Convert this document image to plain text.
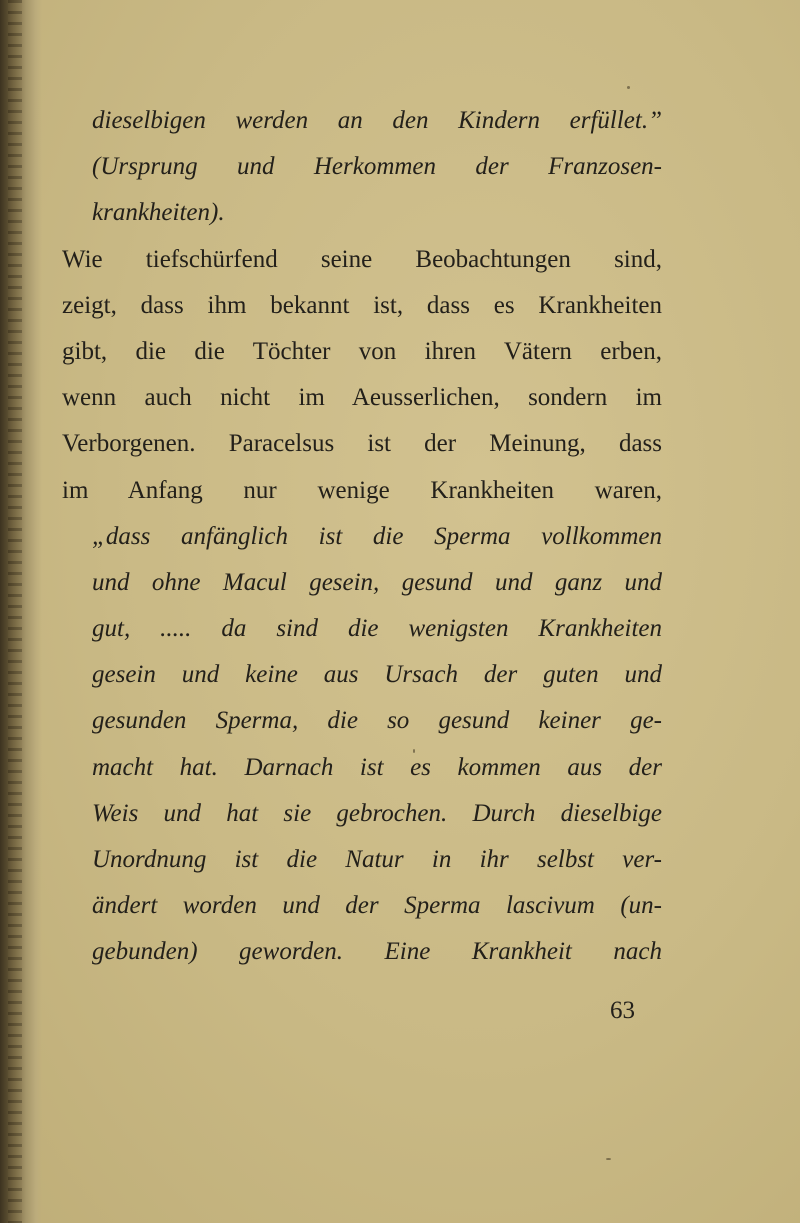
dieselbigen werden an den Kindern erfüllet.”
(Ursprung und Herkommen der Franzosen-
krankheiten).
Wie tiefschürfend seine Beobachtungen sind,
zeigt, dass ihm bekannt ist, dass es Krankheiten
gibt, die die Töchter von ihren Vätern erben,
wenn auch nicht im Aeusserlichen, sondern im
Verborgenen. Paracelsus ist der Meinung, dass
im Anfang nur wenige Krankheiten waren,
„dass anfänglich ist die Sperma vollkommen
und ohne Macul gesein, gesund und ganz und
gut, ..... da sind die wenigsten Krankheiten
gesein und keine aus Ursach der guten und
gesunden Sperma, die so gesund keiner ge-
macht hat. Darnach ist es kommen aus der
Weis und hat sie gebrochen. Durch dieselbige
Unordnung ist die Natur in ihr selbst ver-
ändert worden und der Sperma lascivum (un-
gebunden) geworden. Eine Krankheit nach
63
